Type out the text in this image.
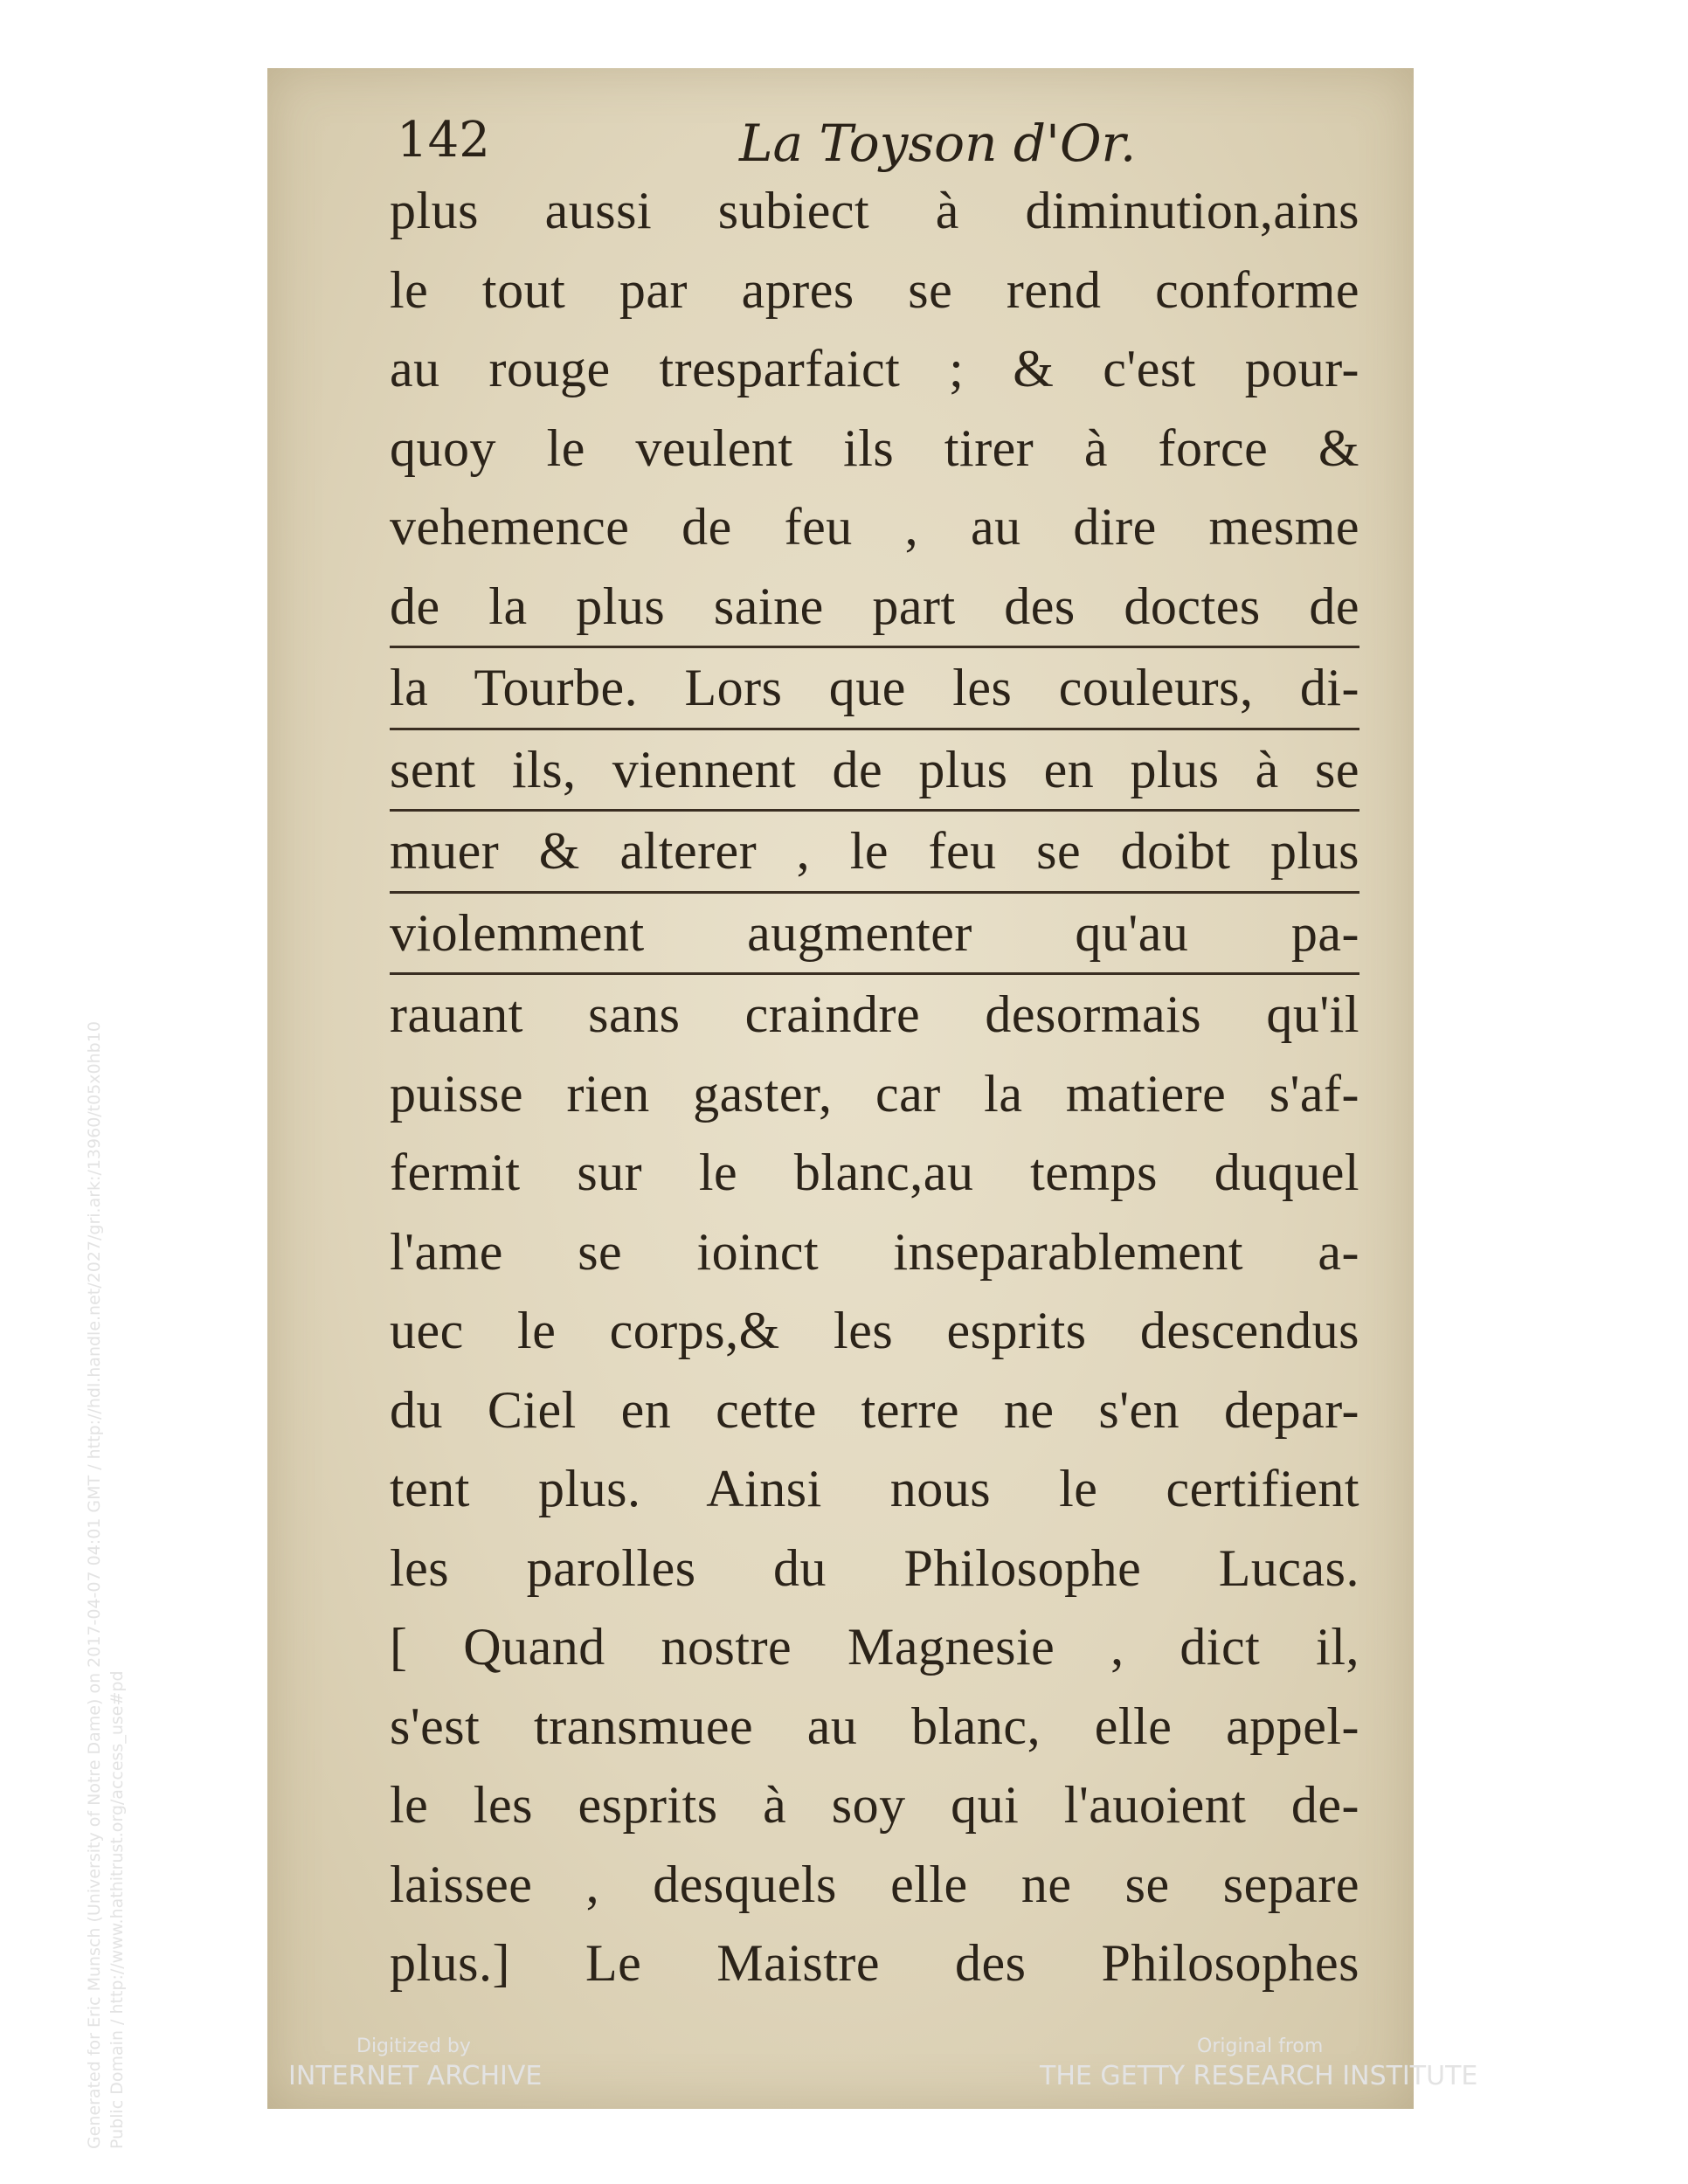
142	La Toyson d'Or.
plus aussi subiect à diminution,ains
le tout par apres se rend conforme
au rouge tresparfaict ; & c'est pour-
quoy le veulent ils tirer à force &
vehemence de feu , au dire mesme
de la plus saine part des doctes de
la Tourbe. Lors que les couleurs, di-
sent ils, viennent de plus en plus à se
muer & alterer , le feu se doibt plus
violemment augmenter qu'au pa-
rauant sans craindre desormais qu'il
puisse rien gaster, car la matiere s'af-
fermit sur le blanc,au temps duquel
l'ame se ioinct inseparablement a-
uec le corps,& les esprits descendus
du Ciel en cette terre ne s'en depar-
tent plus. Ainsi nous le certifient
les parolles du Philosophe Lucas.
[ Quand nostre Magnesie , dict il,
s'est transmuee au blanc, elle appel-
le les esprits à soy qui l'auoient de-
laissee , desquels elle ne se separe
plus.] Le Maistre des Philosophes
Digitized by
INTERNET ARCHIVE
Original from
THE GETTY RESEARCH INSTITUTE
Generated for Eric Munsch (University of Notre Dame) on 2017-04-07 04:01 GMT / http://hdl.handle.net/2027/gri.ark:/13960/t05x0hb10 Public Domain / http://www.hathitrust.org/access_use#pd
